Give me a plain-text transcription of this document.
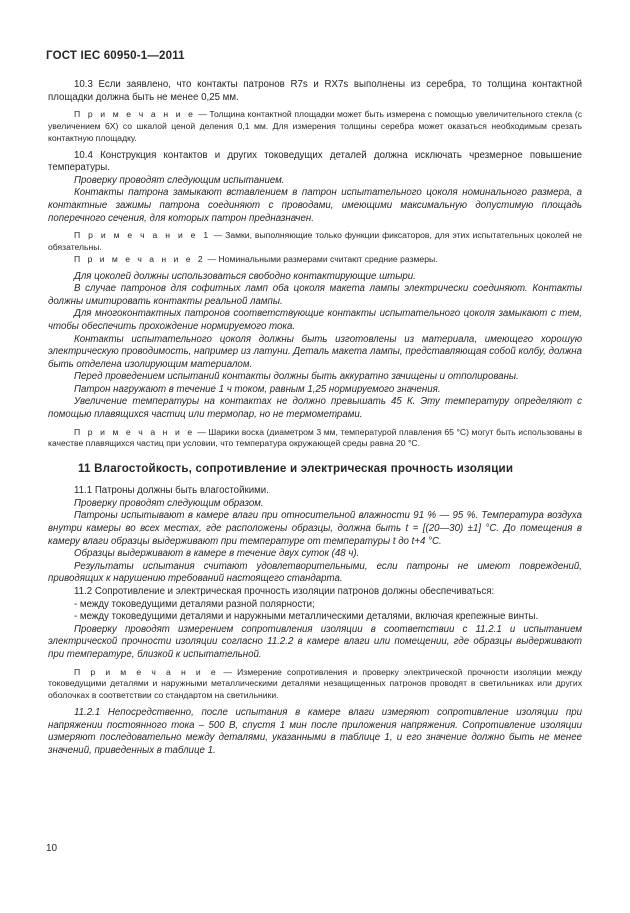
ГОСТ IEC 60950-1—2011

10.3 Если заявлено, что контакты патронов R7s и RX7s выполнены из серебра, то толщина контактной площадки должна быть не менее 0,25 мм.

П р и м е ч а н и е — Толщина контактной площадки может быть измерена с помощью увеличительного стекла (с увеличением 6Х) со шкалой ценой деления 0,1 мм. Для измерения толщины серебра может оказаться необходимым срезать контактную площадку.

10.4 Конструкция контактов и других токоведущих деталей должна исключать чрезмерное повышение температуры.

Проверку проводят следующим испытанием.

Контакты патрона замыкают вставлением в патрон испытательного цоколя номинального размера, а контактные зажимы патрона соединяют с проводами, имеющими максимальную допустимую площадь поперечного сечения, для которых патрон предназначен.

П р и м е ч а н и е 1 — Замки, выполняющие только функции фиксаторов, для этих испытательных цоколей не обязательны.

П р и м е ч а н и е 2 — Номинальными размерами считают средние размеры.

Для цоколей должны использоваться свободно контактирующие штыри.

В случае патронов для софитных ламп оба цоколя макета лампы электрически соединяют. Контакты должны имитировать контакты реальной лампы.

Для многоконтактных патронов соответствующие контакты испытательного цоколя замыкают с тем, чтобы обеспечить прохождение нормируемого тока.

Контакты испытательного цоколя должны быть изготовлены из материала, имеющего хорошую электрическую проводимость, например из латуни. Деталь макета лампы, представляющая собой колбу, должна быть отделена изолирующим материалом.

Перед проведением испытаний контакты должны быть аккуратно зачищены и отполированы.

Патрон нагружают в течение 1 ч током, равным 1,25 нормируемого значения.

Увеличение температуры на контактах не должно превышать 45 К. Эту температуру определяют с помощью плавящихся частиц или термопар, но не термометрами.

П р и м е ч а н и е — Шарики воска (диаметром 3 мм, температурой плавления 65 °С) могут быть использованы в качестве плавящихся частиц при условии, что температура окружающей среды равна 20 °С.

11 Влагостойкость, сопротивление и электрическая прочность изоляции

11.1 Патроны должны быть влагостойкими.

Проверку проводят следующим образом.

Патроны испытывают в камере влаги при относительной влажности 91 % — 95 %. Температура воздуха внутри камеры во всех местах, где расположены образцы, должна быть t = [(20—30) ±1] °С. До помещения в камеру влаги образцы выдерживают при температуре от температуры t до t+4 °С.

Образцы выдерживают в камере в течение двух суток (48 ч).

Результаты испытания считают удовлетворительными, если патроны не имеют повреждений, приводящих к нарушению требований настоящего стандарта.

11.2 Сопротивление и электрическая прочность изоляции патронов должны обеспечиваться:

- между токоведущими деталями разной полярности;

- между токоведущими деталями и наружными металлическими деталями, включая крепежные винты.

Проверку проводят измерением сопротивления изоляции в соответствии с 11.2.1 и испытанием электрической прочности изоляции согласно 11.2.2 в камере влаги или помещении, где образцы выдерживают при температуре, близкой к испытательной.

П р и м е ч а н и е — Измерение сопротивления и проверку электрической прочности изоляции между токоведущими деталями и наружными металлическими деталями незащищенных патронов проводят в светильниках или других оболочках в соответствии со стандартом на светильники.

11.2.1 Непосредственно, после испытания в камере влаги измеряют сопротивление изоляции при напряжении постоянного тока – 500 В, спустя 1 мин после приложения напряжения. Сопротивление изоляции измеряют последовательно между деталями, указанными в таблице 1, и его значение должно быть не менее значений, приведенных в таблице 1.

10
